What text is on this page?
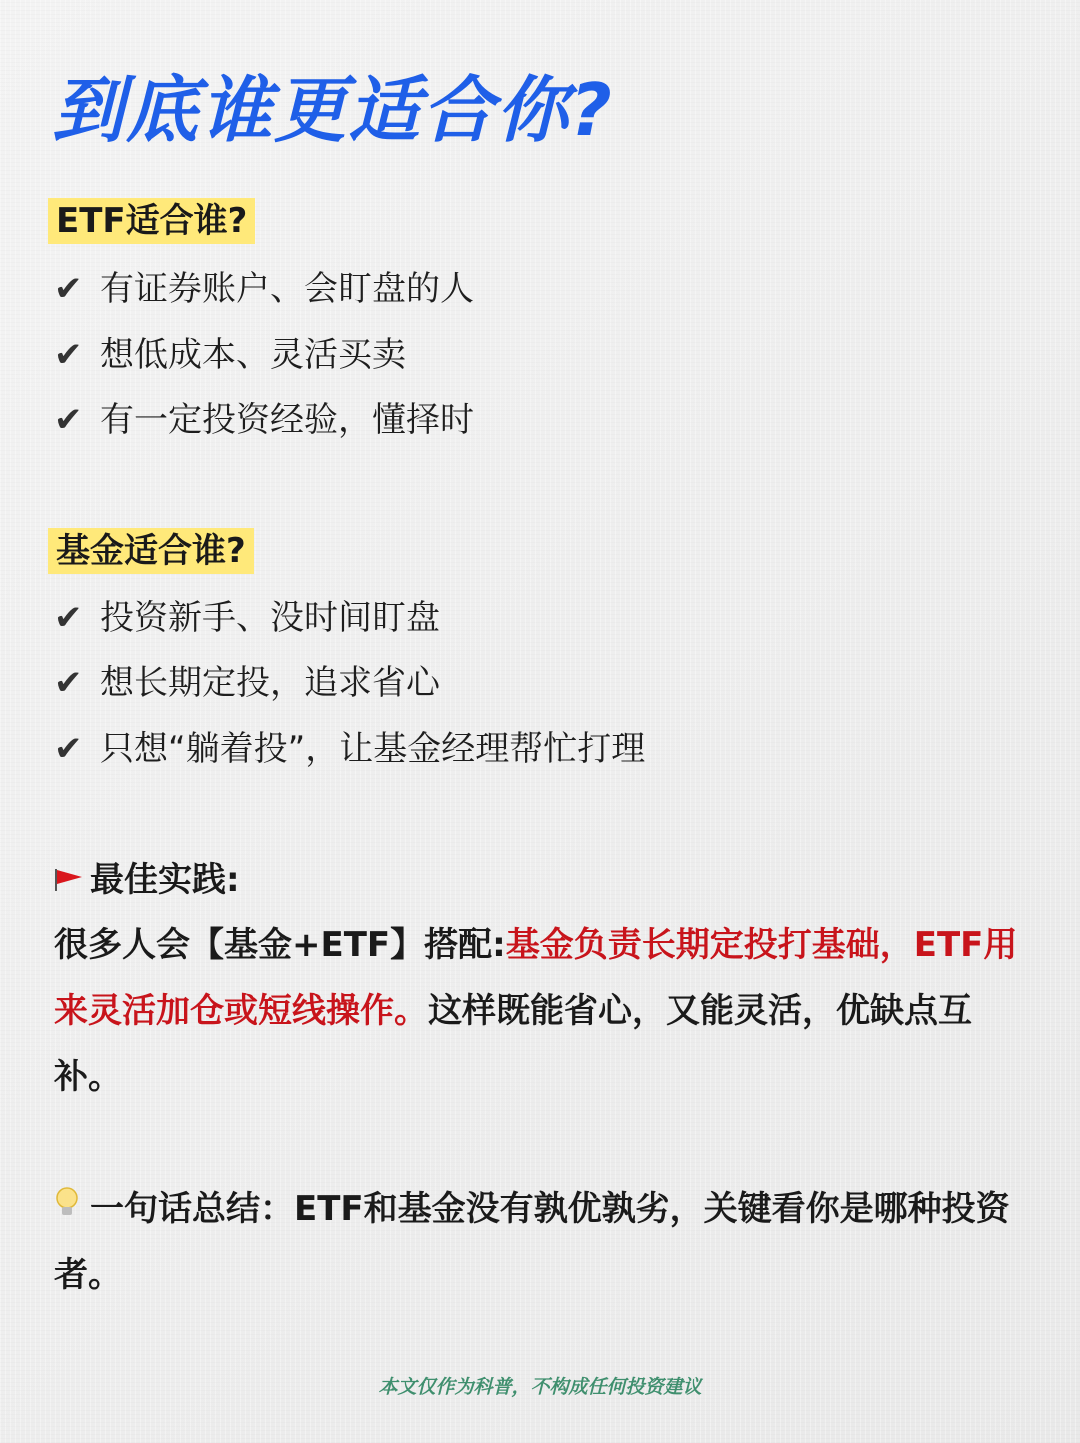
到底谁更适合你?
ETF适合谁?
✔ 有证券账户、会盯盘的人
✔ 想低成本、灵活买卖
✔ 有一定投资经验，懂择时
基金适合谁?
✔ 投资新手、没时间盯盘
✔ 想长期定投，追求省心
✔ 只想“躺着投”，让基金经理帮忙打理
最佳实践:
很多人会【基金+ETF】搭配:基金负责长期定投打基础，ETF用来灵活加仓或短线操作。这样既能省心，又能灵活，优缺点互补。
一句话总结：ETF和基金没有孰优孰劣，关键看你是哪种投资者。
本文仅作为科普，不构成任何投资建议
